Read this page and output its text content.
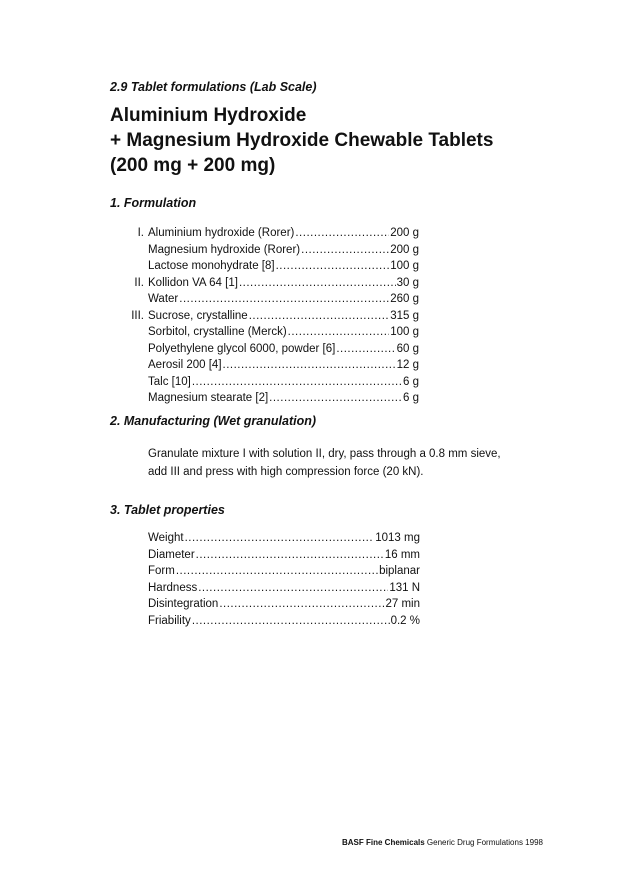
2.9 Tablet formulations (Lab Scale)
Aluminium Hydroxide
+ Magnesium Hydroxide Chewable Tablets
(200 mg + 200 mg)
1. Formulation
I. Aluminium hydroxide (Rorer) .....	200 g
Magnesium hydroxide (Rorer) .....	200 g
Lactose monohydrate [8] .....	100 g
II. Kollidon VA 64 [1] .....	30 g
Water .....	260 g
III. Sucrose, crystalline .....	315 g
Sorbitol, crystalline (Merck) .....	100 g
Polyethylene glycol 6000, powder [6] .....	60 g
Aerosil 200 [4] .....	12 g
Talc [10] .....	6 g
Magnesium stearate [2] .....	6 g
2. Manufacturing (Wet granulation)
Granulate mixture I with solution II, dry, pass through a 0.8 mm sieve,
add III and press with high compression force (20 kN).
3. Tablet properties
Weight .....	1013 mg
Diameter .....	16 mm
Form .....	biplanar
Hardness .....	131 N
Disintegration .....	27 min
Friability .....	0.2 %
BASF Fine Chemicals Generic Drug Formulations 1998
